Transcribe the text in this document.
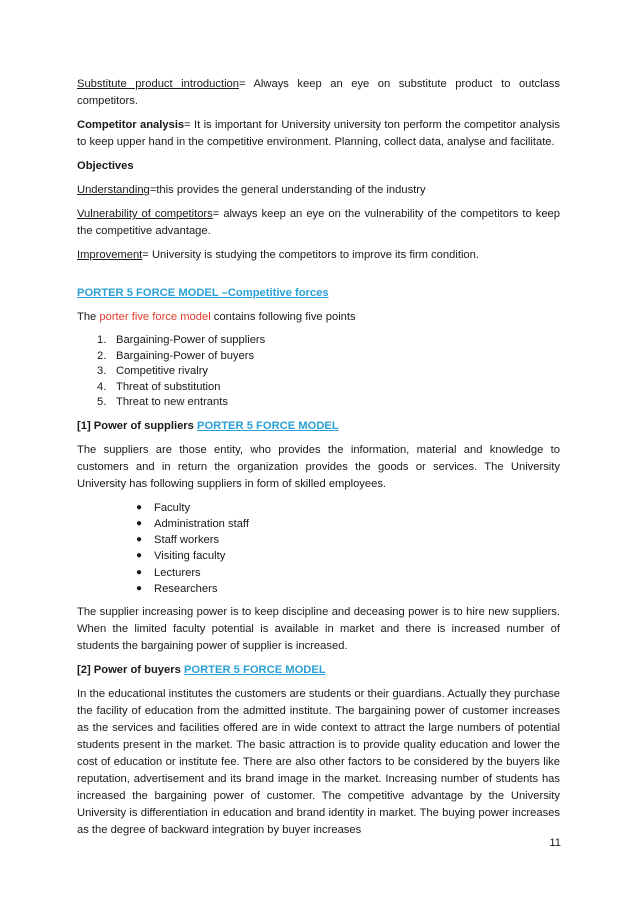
Substitute product introduction= Always keep an eye on substitute product to outclass competitors.

Competitor analysis= It is important for University university ton perform the competitor analysis to keep upper hand in the competitive environment. Planning, collect data, analyse and facilitate.

Objectives

Understanding=this provides the general understanding of the industry

Vulnerability of competitors= always keep an eye on the vulnerability of the competitors to keep the competitive advantage.

Improvement= University is studying the competitors to improve its firm condition.

PORTER 5 FORCE MODEL –Competitive forces

The porter five force model contains following five points

1. Bargaining-Power of suppliers
2. Bargaining-Power of buyers
3. Competitive rivalry
4. Threat of substitution
5. Threat to new entrants

[1] Power of suppliers PORTER 5 FORCE MODEL

The suppliers are those entity, who provides the information, material and knowledge to customers and in return the organization provides the goods or services. The University University has following suppliers in form of skilled employees.

● Faculty
● Administration staff
● Staff workers
● Visiting faculty
● Lecturers
● Researchers

The supplier increasing power is to keep discipline and deceasing power is to hire new suppliers. When the limited faculty potential is available in market and there is increased number of students the bargaining power of supplier is increased.

[2] Power of buyers PORTER 5 FORCE MODEL

In the educational institutes the customers are students or their guardians. Actually they purchase the facility of education from the admitted institute. The bargaining power of customer increases as the services and facilities offered are in wide context to attract the large numbers of potential students present in the market. The basic attraction is to provide quality education and lower the cost of education or institute fee. There are also other factors to be considered by the buyers like reputation, advertisement and its brand image in the market. Increasing number of students has increased the bargaining power of customer. The competitive advantage by the University University is differentiation in education and brand identity in market. The buying power increases as the degree of backward integration by buyer increases

11
